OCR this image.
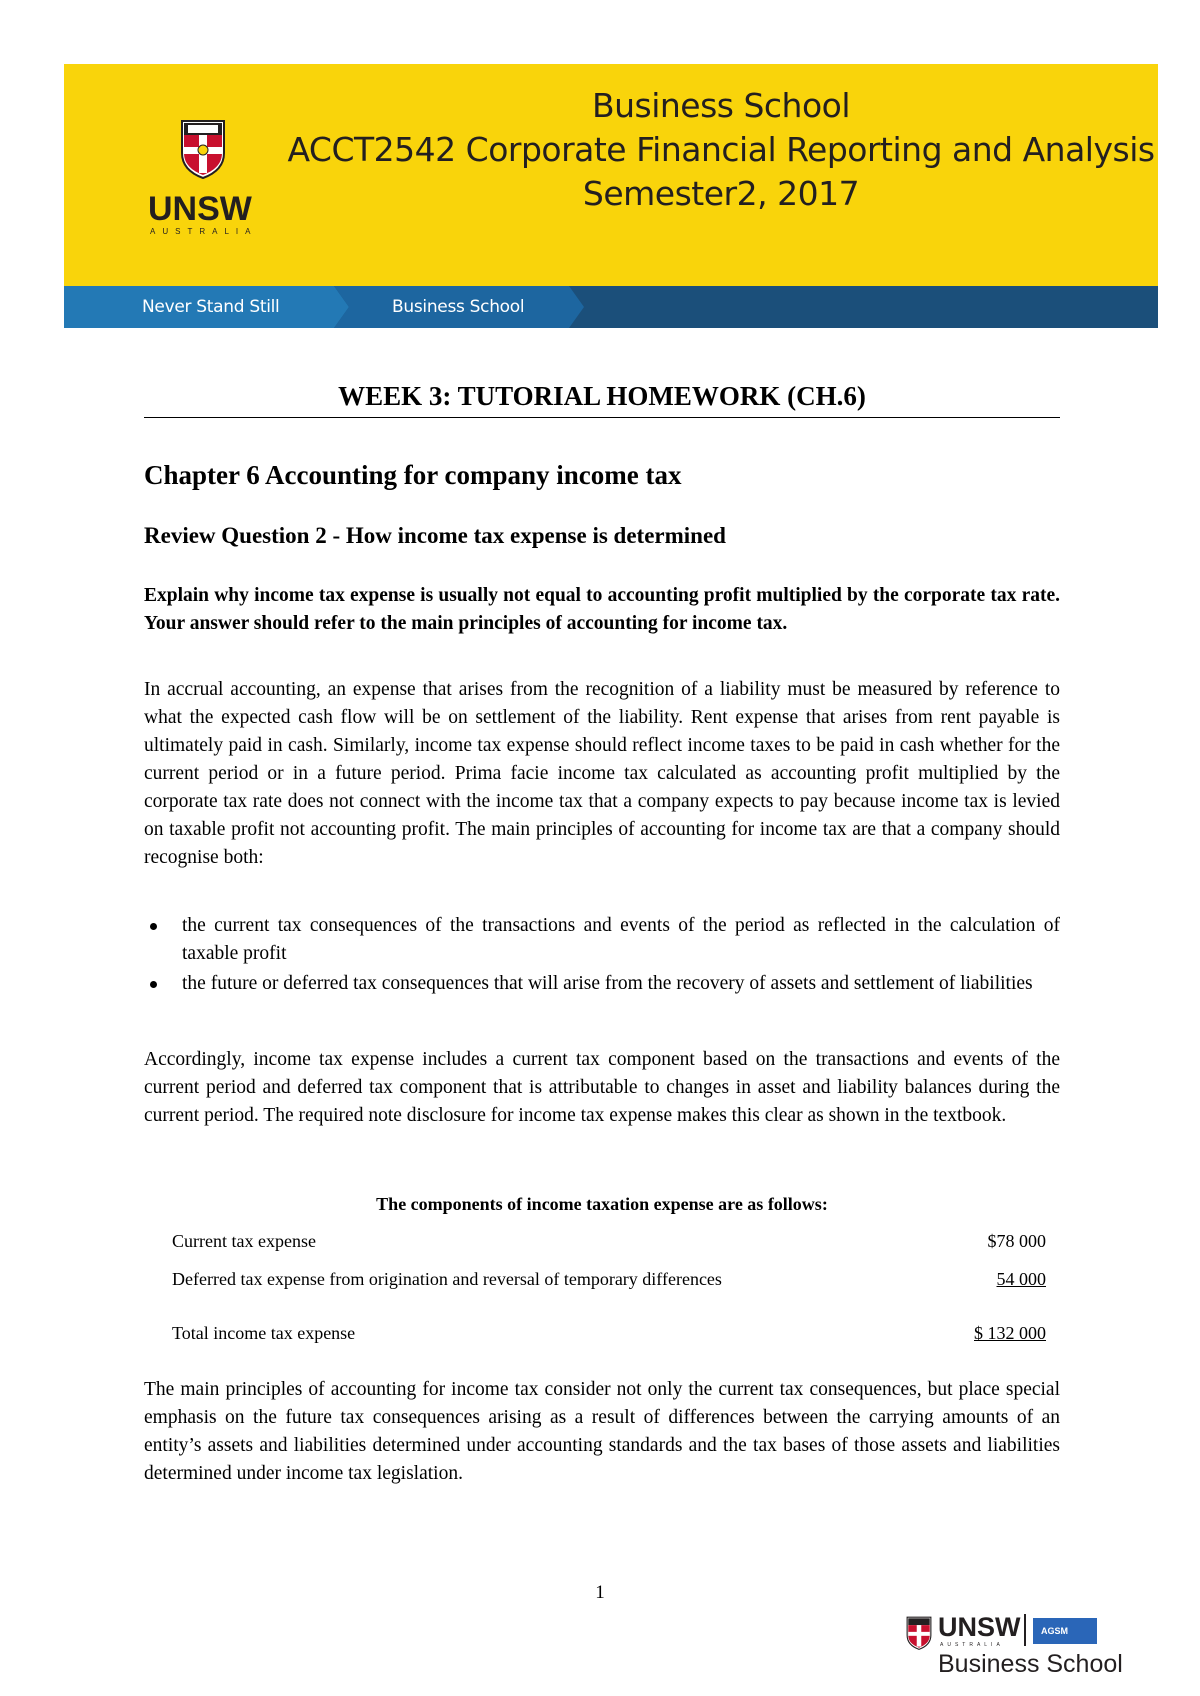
UNSW
AUSTRALIA
Business School
ACCT2542 Corporate Financial Reporting and Analysis
Semester2, 2017
Never Stand Still	Business School
WEEK 3: TUTORIAL HOMEWORK (CH.6)
Chapter 6 Accounting for company income tax
Review Question 2 - How income tax expense is determined
Explain why income tax expense is usually not equal to accounting profit multiplied by the corporate tax rate. Your answer should refer to the main principles of accounting for income tax.
In accrual accounting, an expense that arises from the recognition of a liability must be measured by reference to what the expected cash flow will be on settlement of the liability. Rent expense that arises from rent payable is ultimately paid in cash. Similarly, income tax expense should reflect income taxes to be paid in cash whether for the current period or in a future period. Prima facie income tax calculated as accounting profit multiplied by the corporate tax rate does not connect with the income tax that a company expects to pay because income tax is levied on taxable profit not accounting profit. The main principles of accounting for income tax are that a company should recognise both:
the current tax consequences of the transactions and events of the period as reflected in the calculation of taxable profit
the future or deferred tax consequences that will arise from the recovery of assets and settlement of liabilities
Accordingly, income tax expense includes a current tax component based on the transactions and events of the current period and deferred tax component that is attributable to changes in asset and liability balances during the current period. The required note disclosure for income tax expense makes this clear as shown in the textbook.
The components of income taxation expense are as follows:
Current tax expense	$78 000
Deferred tax expense from origination and reversal of temporary differences	54 000
Total income tax expense	$ 132 000
The main principles of accounting for income tax consider not only the current tax consequences, but place special emphasis on the future tax consequences arising as a result of differences between the carrying amounts of an entity’s assets and liabilities determined under accounting standards and the tax bases of those assets and liabilities determined under income tax legislation.
1
UNSW
AUSTRALIA
AGSM
Business School
